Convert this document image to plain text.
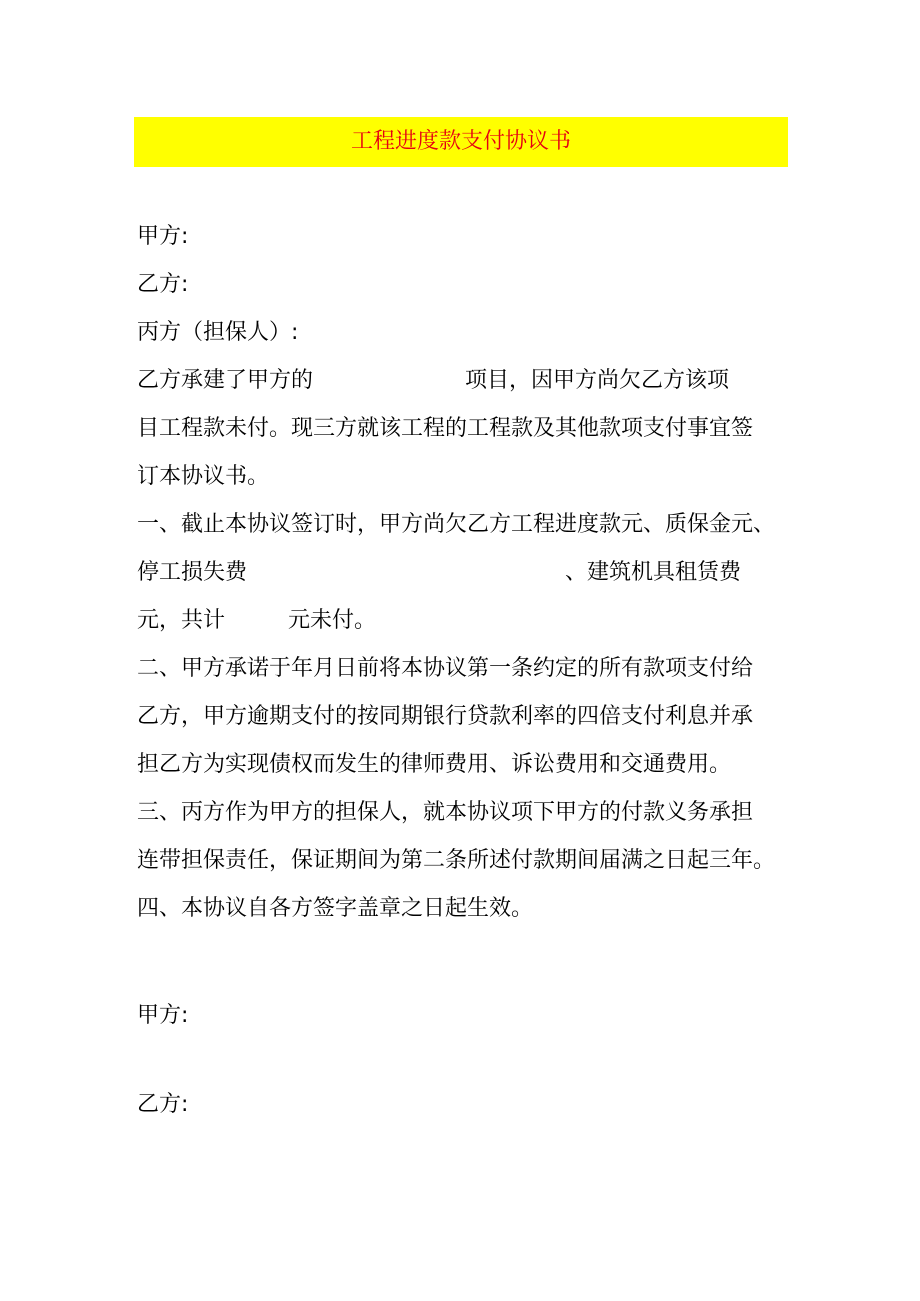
工程进度款支付协议书
甲方:
乙方:
丙方（担保人）:
乙方承建了甲方的	项目，因甲方尚欠乙方该项
目工程款未付。现三方就该工程的工程款及其他款项支付事宜签
订本协议书。
一、截止本协议签订时，甲方尚欠乙方工程进度款元、质保金元、
停工损失费	、建筑机具租赁费
元，共计	元未付。
二、甲方承诺于年月日前将本协议第一条约定的所有款项支付给
乙方，甲方逾期支付的按同期银行贷款利率的四倍支付利息并承
担乙方为实现债权而发生的律师费用、诉讼费用和交通费用。
三、丙方作为甲方的担保人，就本协议项下甲方的付款义务承担
连带担保责任，保证期间为第二条所述付款期间届满之日起三年。
四、本协议自各方签字盖章之日起生效。
甲方:
乙方:
